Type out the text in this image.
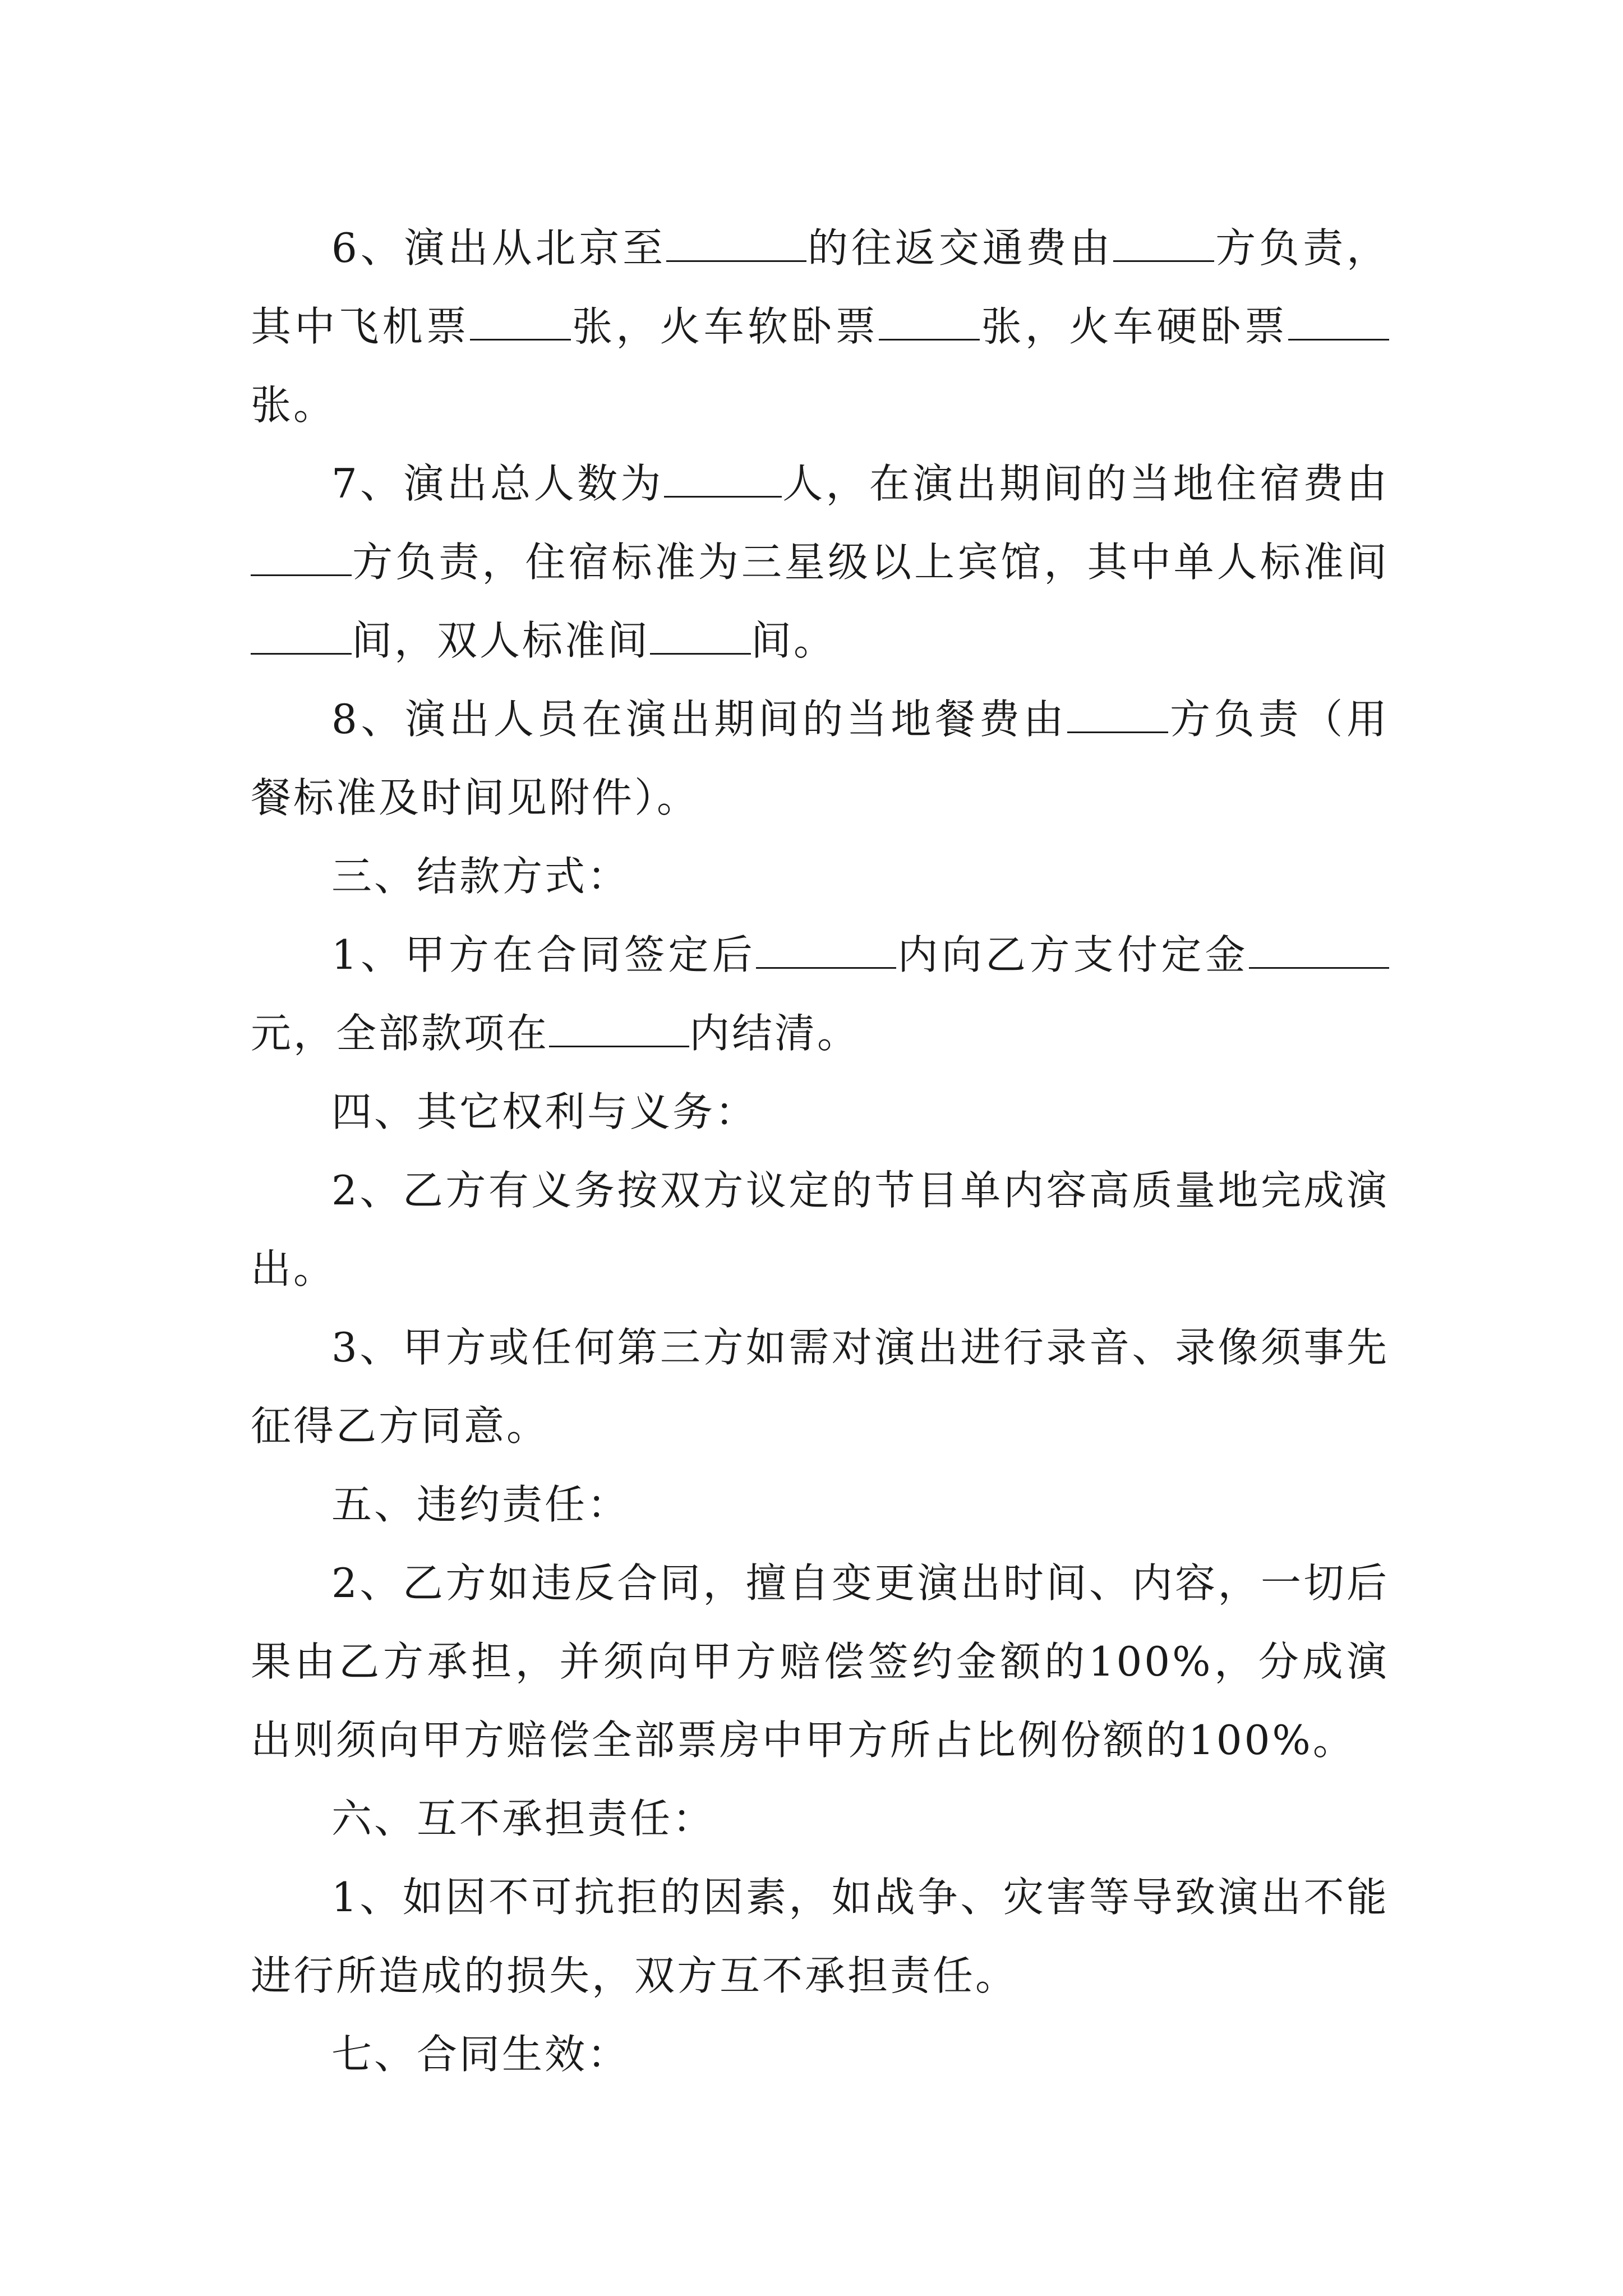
6、演出从北京至	的往返交通费由	方负责，其中飞机票	张，火车软卧票	张，火车硬卧票张。

7、演出总人数为	人，在演出期间的当地住宿费由方负责，住宿标准为三星级以上宾馆，其中单人标准间间，双人标准间	间。

8、演出人员在演出期间的当地餐费由	方负责（用餐标准及时间见附件）。

三、结款方式：

1、甲方在合同签定后	内向乙方支付定金元，全部款项在	内结清。

四、其它权利与义务：

2、乙方有义务按双方议定的节目单内容高质量地完成演出。

3、甲方或任何第三方如需对演出进行录音、录像须事先征得乙方同意。

五、违约责任：

2、乙方如违反合同，擅自变更演出时间、内容，一切后果由乙方承担，并须向甲方赔偿签约金额的100%，分成演出则须向甲方赔偿全部票房中甲方所占比例份额的100%。

六、互不承担责任：

1、如因不可抗拒的因素，如战争、灾害等导致演出不能进行所造成的损失，双方互不承担责任。

七、合同生效：
